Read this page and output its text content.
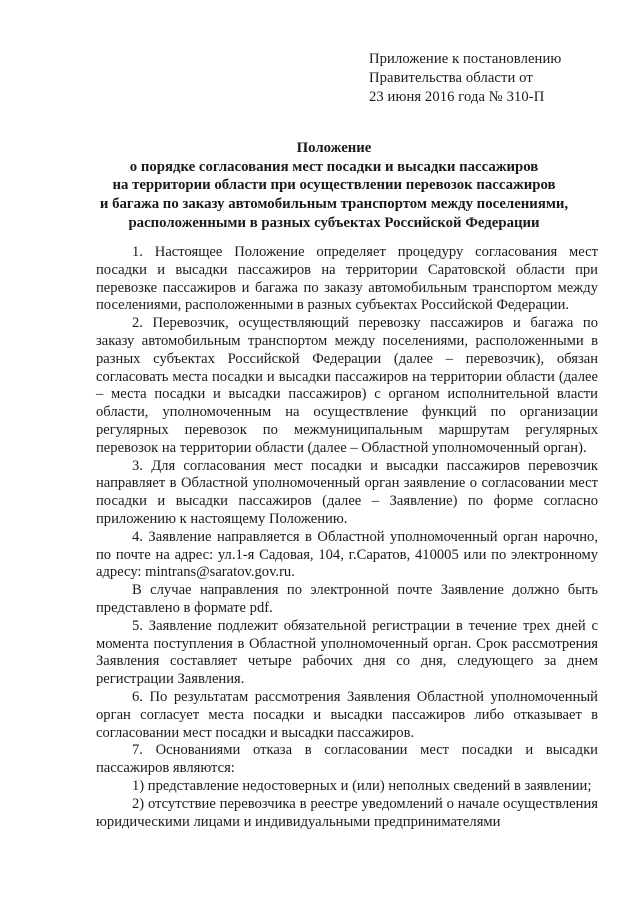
Приложение к постановлению
Правительства области от
23 июня 2016 года № 310-П
Положение
о порядке согласования мест посадки и высадки пассажиров
на территории области при осуществлении перевозок пассажиров
и багажа по заказу автомобильным транспортом между поселениями,
расположенными в разных субъектах Российской Федерации

1. Настоящее Положение определяет процедуру согласования мест посадки и высадки пассажиров на территории Саратовской области при перевозке пассажиров и багажа по заказу автомобильным транспортом между поселениями, расположенными в разных субъектах Российской Федерации.

2. Перевозчик, осуществляющий перевозку пассажиров и багажа по заказу автомобильным транспортом между поселениями, расположенными в разных субъектах Российской Федерации (далее – перевозчик), обязан согласовать места посадки и высадки пассажиров на территории области (далее – места посадки и высадки пассажиров) с органом исполнительной власти области, уполномоченным на осуществление функций по организации регулярных перевозок по межмуниципальным маршрутам регулярных перевозок на территории области (далее – Областной уполномоченный орган).

3. Для согласования мест посадки и высадки пассажиров перевозчик направляет в Областной уполномоченный орган заявление о согласовании мест посадки и высадки пассажиров (далее – Заявление) по форме согласно приложению к настоящему Положению.

4. Заявление направляется в Областной уполномоченный орган нарочно, по почте на адрес: ул.1-я Садовая, 104, г.Саратов, 410005 или по электронному адресу: mintrans@saratov.gov.ru.

В случае направления по электронной почте Заявление должно быть представлено в формате pdf.

5. Заявление подлежит обязательной регистрации в течение трех дней с момента поступления в Областной уполномоченный орган. Срок рассмотрения Заявления составляет четыре рабочих дня со дня, следующего за днем регистрации Заявления.

6. По результатам рассмотрения Заявления Областной уполномоченный орган согласует места посадки и высадки пассажиров либо отказывает в согласовании мест посадки и высадки пассажиров.

7. Основаниями отказа в согласовании мест посадки и высадки пассажиров являются:

1) представление недостоверных и (или) неполных сведений в заявлении;

2) отсутствие перевозчика в реестре уведомлений о начале осуществления юридическими лицами и индивидуальными предпринимателями
